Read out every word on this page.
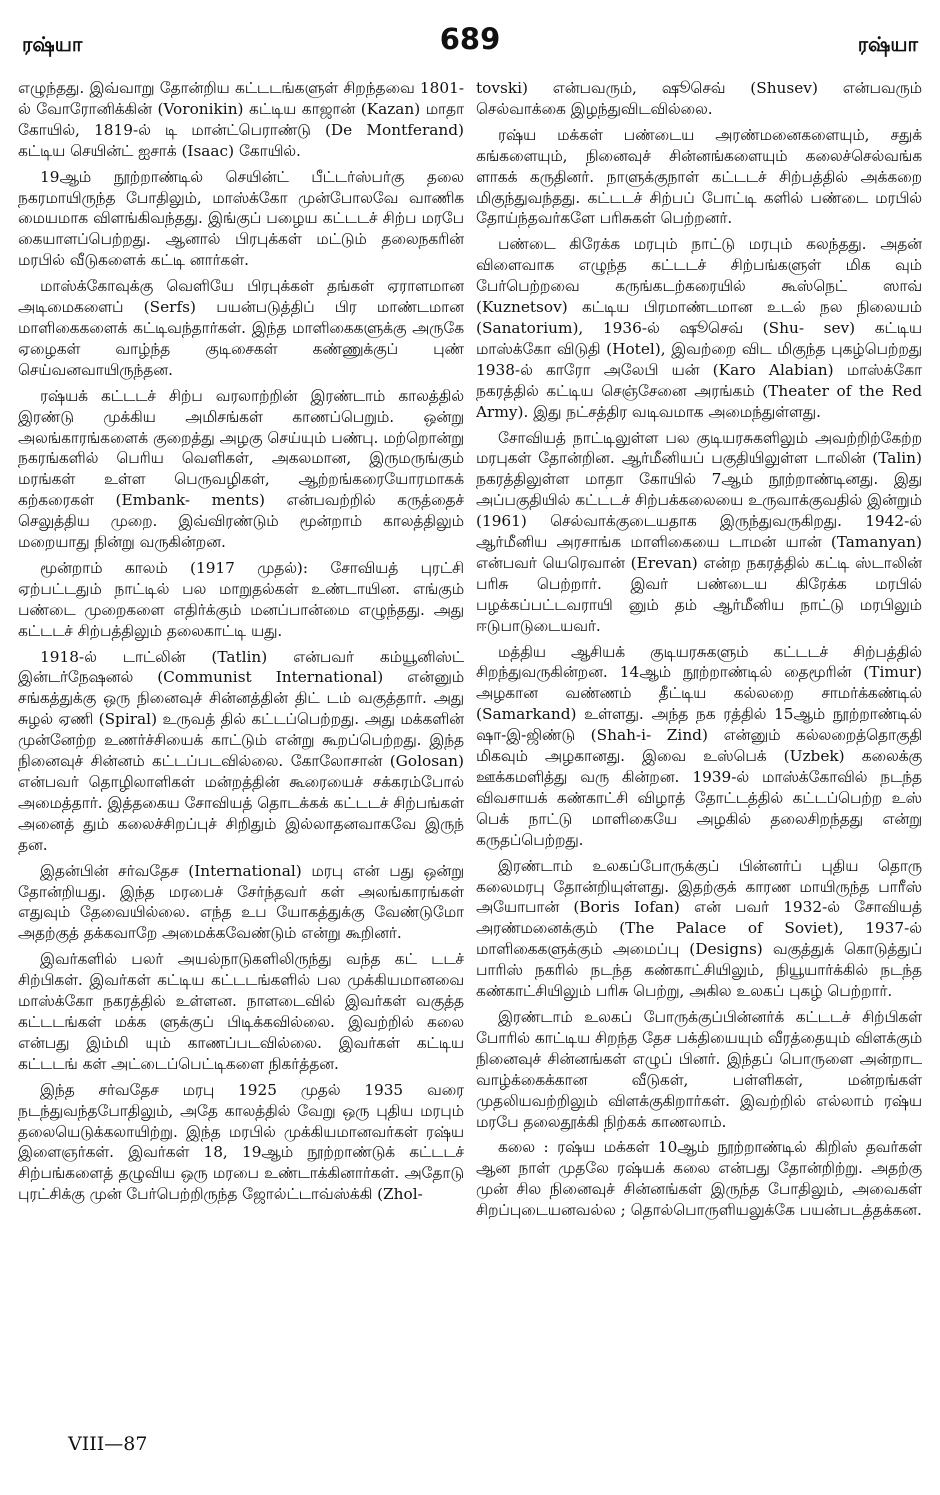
ரஷ்யா	689	ரஷ்யா

எழுந்தது. இவ்வாறு தோன்றிய கட்டடங்களுள் சிறந்தவை 1801-ல் வோரோனிக்கின் (Voronikin) கட்டிய காஜான் (Kazan) மாதா கோயில், 1819-ல் டி மான்ட்பெராண்டு (De Montferand) கட்டிய செயின்ட் ஐசாக் (Isaac) கோயில்.

19ஆம் நூற்றாண்டில் செயின்ட் பீட்டர்ஸ்பர்கு தலை நகரமாயிருந்த போதிலும், மாஸ்க்கோ முன்போலவே வாணிக மையமாக விளங்கிவந்தது. இங்குப் பழைய கட்டடச் சிற்ப மரபே கையாளப்பெற்றது. ஆனால் பிரபுக்கள் மட்டும் தலைநகரின் மரபில் வீடுகளைக் கட்டி னார்கள்.

மாஸ்க்கோவுக்கு வெளியே பிரபுக்கள் தங்கள் ஏராளமான அடிமைகளைப் (Serfs) பயன்படுத்திப் பிர மாண்டமான மாளிகைகளைக் கட்டிவந்தார்கள். இந்த மாளிகைகளுக்கு அருகே ஏழைகள் வாழ்ந்த குடிசைகள் கண்ணுக்குப் புண் செய்வனவாயிருந்தன.

ரஷ்யக் கட்டடச் சிற்ப வரலாற்றின் இரண்டாம் காலத்தில் இரண்டு முக்கிய அமிசங்கள் காணப்பெறும். ஒன்று அலங்காரங்களைக் குறைத்து அழகு செய்யும் பண்பு. மற்றொன்று நகரங்களில் பெரிய வெளிகள், அகலமான, இருமருங்கும் மரங்கள் உள்ள பெருவழிகள், ஆற்றங்கரையோரமாகக் கற்கரைகள் (Embank- ments) என்பவற்றில் கருத்தைச் செலுத்திய முறை. இவ்விரண்டும் மூன்றாம் காலத்திலும் மறையாது நின்று வருகின்றன.

மூன்றாம் காலம் (1917 முதல்): சோவியத் புரட்சி ஏற்பட்டதும் நாட்டில் பல மாறுதல்கள் உண்டாயின. எங்கும் பண்டை முறைகளை எதிர்க்கும் மனப்பான்மை எழுந்தது. அது கட்டடச் சிற்பத்திலும் தலைகாட்டி யது.

1918-ல் டாட்லின் (Tatlin) என்பவர் கம்யூனிஸ்ட் இன்டர்நேஷனல் (Communist International) என்னும் சங்கத்துக்கு ஒரு நினைவுச் சின்னத்தின் திட் டம் வகுத்தார். அது சுழல் ஏணி (Spiral) உருவத் தில் கட்டப்பெற்றது. அது மக்களின் முன்னேற்ற உணர்ச்சியைக் காட்டும் என்று கூறப்பெற்றது. இந்த நினைவுச் சின்னம் கட்டப்படவில்லை. கோலோசான் (Golosan) என்பவர் தொழிலாளிகள் மன்றத்தின் கூரையைச் சக்கரம்போல் அமைத்தார். இத்தகைய சோவியத் தொடக்கக் கட்டடச் சிற்பங்கள் அனைத் தும் கலைச்சிறப்புச் சிறிதும் இல்லாதனவாகவே இருந் தன.

இதன்பின் சர்வதேச (International) மரபு என் பது ஒன்று தோன்றியது. இந்த மரபைச் சேர்ந்தவர் கள் அலங்காரங்கள் எதுவும் தேவையில்லை. எந்த உப யோகத்துக்கு வேண்டுமோ அதற்குத் தக்கவாறே அமைக்கவேண்டும் என்று கூறினர்.

இவர்களில் பலர் அயல்நாடுகளிலிருந்து வந்த கட் டடச் சிற்பிகள். இவர்கள் கட்டிய கட்டடங்களில் பல முக்கியமானவை மாஸ்க்கோ நகரத்தில் உள்ளன. நாளடைவில் இவர்கள் வகுத்த கட்டடங்கள் மக்க ளுக்குப் பிடிக்கவில்லை. இவற்றில் கலை என்பது இம்மி யும் காணப்படவில்லை. இவர்கள் கட்டிய கட்டடங் கள் அட்டைப்பெட்டிகளை நிகர்த்தன.

இந்த சர்வதேச மரபு 1925 முதல் 1935 வரை நடந்துவந்தபோதிலும், அதே காலத்தில் வேறு ஒரு புதிய மரபும் தலையெடுக்கலாயிற்று. இந்த மரபில் முக்கியமானவர்கள் ரஷ்ய இளைஞர்கள். இவர்கள் 18, 19ஆம் நூற்றாண்டுக் கட்டடச் சிற்பங்களைத் தழுவிய ஒரு மரபை உண்டாக்கினார்கள். அதோடு புரட்சிக்கு முன் பேர்பெற்றிருந்த ஜோல்ட்டாவ்ஸ்க்கி (Zhol-

tovski) என்பவரும், ஷூசெவ் (Shusev) என்பவரும் செல்வாக்கை இழந்துவிடவில்லை.

ரஷ்ய மக்கள் பண்டைய அரண்மனைகளையும், சதுக் கங்களையும், நினைவுச் சின்னங்களையும் கலைச்செல்வங்க ளாகக் கருதினர். நாளுக்குநாள் கட்டடச் சிற்பத்தில் அக்கறை மிகுந்துவந்தது. கட்டடச் சிற்பப் போட்டி களில் பண்டை மரபில் தோய்ந்தவர்களே பரிசுகள் பெற்றனர்.

பண்டை கிரேக்க மரபும் நாட்டு மரபும் கலந்தது. அதன் விளைவாக எழுந்த கட்டடச் சிற்பங்களுள் மிக வும் பேர்பெற்றவை கருங்கடற்கரையில் கூஸ்நெட் ஸாவ் (Kuznetsov) கட்டிய பிரமாண்டமான உடல் நல நிலையம் (Sanatorium), 1936-ல் ஷூசெவ் (Shu- sev) கட்டிய மாஸ்க்கோ விடுதி (Hotel), இவற்றை விட மிகுந்த புகழ்பெற்றது 1938-ல் காரோ அலேபி யன் (Karo Alabian) மாஸ்க்கோ நகரத்தில் கட்டிய செஞ்சேனை அரங்கம் (Theater of the Red Army). இது நட்சத்திர வடிவமாக அமைந்துள்ளது.

சோவியத் நாட்டிலுள்ள பல குடியரசுகளிலும் அவற்றிற்கேற்ற மரபுகள் தோன்றின. ஆர்மீனியப் பகுதியிலுள்ள டாலின் (Talin) நகரத்திலுள்ள மாதா கோயில் 7ஆம் நூற்றாண்டினது. இது அப்பகுதியில் கட்டடச் சிற்பக்கலையை உருவாக்குவதில் இன்றும் (1961) செல்வாக்குடையதாக இருந்துவருகிறது. 1942-ல் ஆர்மீனிய அரசாங்க மாளிகையை டாமன் யான் (Tamanyan) என்பவர் யெரெவான் (Erevan) என்ற நகரத்தில் கட்டி ஸ்டாலின் பரிசு பெற்றார். இவர் பண்டைய கிரேக்க மரபில் பழக்கப்பட்டவராயி னும் தம் ஆர்மீனிய நாட்டு மரபிலும் ஈடுபாடுடையவர்.

மத்திய ஆசியக் குடியரசுகளும் கட்டடச் சிற்பத்தில் சிறந்துவருகின்றன. 14ஆம் நூற்றாண்டில் தைமூரின் (Timur) அழகான வண்ணம் தீட்டிய கல்லறை சாமர்க்கண்டில் (Samarkand) உள்ளது. அந்த நக ரத்தில் 15ஆம் நூற்றாண்டில் ஷா-இ-ஜிண்டு (Shah-i- Zind) என்னும் கல்லறைத்தொகுதி மிகவும் அழகானது. இவை உஸ்பெக் (Uzbek) கலைக்கு ஊக்கமளித்து வரு கின்றன. 1939-ல் மாஸ்க்கோவில் நடந்த விவசாயக் கண்காட்சி விழாத் தோட்டத்தில் கட்டப்பெற்ற உஸ் பெக் நாட்டு மாளிகையே அழகில் தலைசிறந்தது என்று கருதப்பெற்றது.

இரண்டாம் உலகப்போருக்குப் பின்னர்ப் புதிய தொரு கலைமரபு தோன்றியுள்ளது. இதற்குக் காரண மாயிருந்த பாரீஸ் அயோபான் (Boris Iofan) என் பவர் 1932-ல் சோவியத் அரண்மனைக்கும் (The Palace of Soviet), 1937-ல் மாளிகைகளுக்கும் அமைப்பு (Designs) வகுத்துக் கொடுத்துப் பாரிஸ் நகரில் நடந்த கண்காட்சியிலும், நியூயார்க்கில் நடந்த கண்காட்சியிலும் பரிசு பெற்று, அகில உலகப் புகழ் பெற்றார்.

இரண்டாம் உலகப் போருக்குப்பின்னர்க் கட்டடச் சிற்பிகள் போரில் காட்டிய சிறந்த தேச பக்தியையும் வீரத்தையும் விளக்கும் நினைவுச் சின்னங்கள் எழுப் பினர். இந்தப் பொருளை அன்றாட வாழ்க்கைக்கான வீடுகள், பள்ளிகள், மன்றங்கள் முதலியவற்றிலும் விளக்குகிறார்கள். இவற்றில் எல்லாம் ரஷ்ய மரபே தலைதூக்கி நிற்கக் காணலாம்.

கலை : ரஷ்ய மக்கள் 10ஆம் நூற்றாண்டில் கிறிஸ் தவர்கள் ஆன நாள் முதலே ரஷ்யக் கலை என்பது தோன்றிற்று. அதற்கு முன் சில நினைவுச் சின்னங்கள் இருந்த போதிலும், அவைகள் சிறப்புடையனவல்ல ; தொல்பொருளியலுக்கே பயன்படத்தக்கன.

VIII—87
